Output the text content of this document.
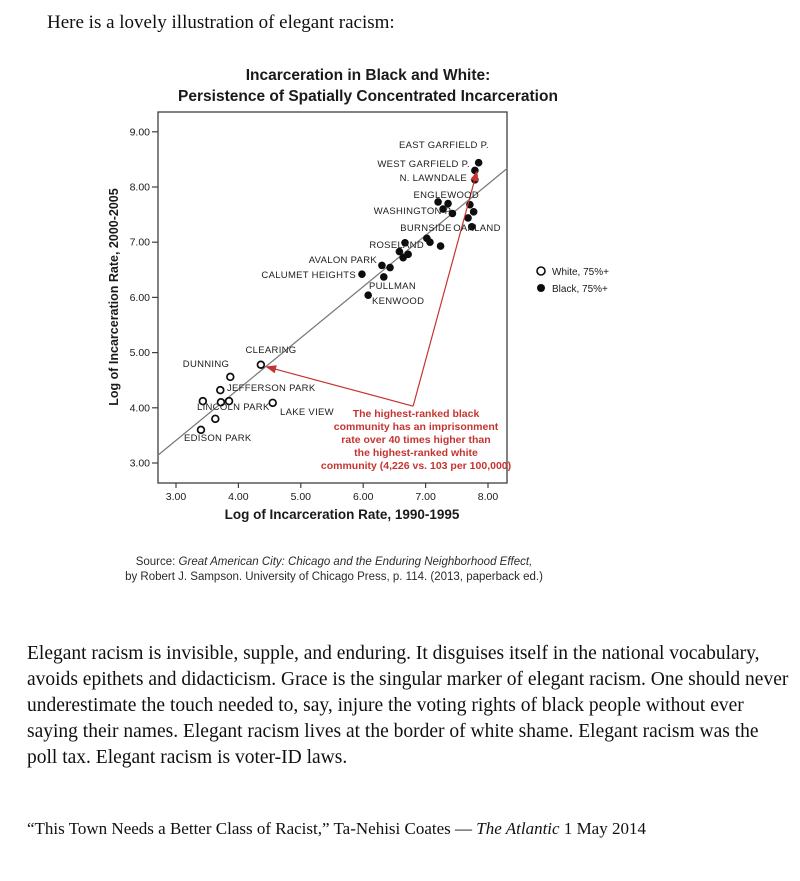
Here is a lovely illustration of elegant racism:
Incarceration in Black and White:
Persistence of Spatially Concentrated Incarceration
3.00
4.00
5.00
6.00
7.00
8.00
9.00
3.00	4.00	5.00	6.00	7.00	8.00
Log of Incarceration Rate, 2000-2005
Log of Incarceration Rate, 1990-1995
CLEARING
DUNNING
JEFFERSON PARK
LINCOLN PARK LAKE VIEW
EDISON PARK
EAST GARFIELD P.
WEST GARFIELD P.
N. LAWNDALE
ENGLEWOOD
WASHINGTON P.
BURNSIDE OAKLAND
ROSELAND
AVALON PARK
CALUMET HEIGHTS
PULLMAN
KENWOOD
The highest-ranked black
community has an imprisonment
rate over 40 times higher than
the highest-ranked white
community (4,226 vs. 103 per 100,000)
White, 75%+
Black, 75%+
Source: Great American City: Chicago and the Enduring Neighborhood Effect,
by Robert J. Sampson. University of Chicago Press, p. 114. (2013, paperback ed.)
Elegant racism is invisible, supple, and enduring. It disguises itself in the national vocabulary, avoids epithets and didacticism. Grace is the singular marker of elegant racism. One should never underestimate the touch needed to, say, injure the voting rights of black people without ever saying their names. Elegant racism lives at the border of white shame. Elegant racism was the poll tax. Elegant racism is voter-ID laws.
“This Town Needs a Better Class of Racist,” Ta-Nehisi Coates — The Atlantic 1 May 2014
